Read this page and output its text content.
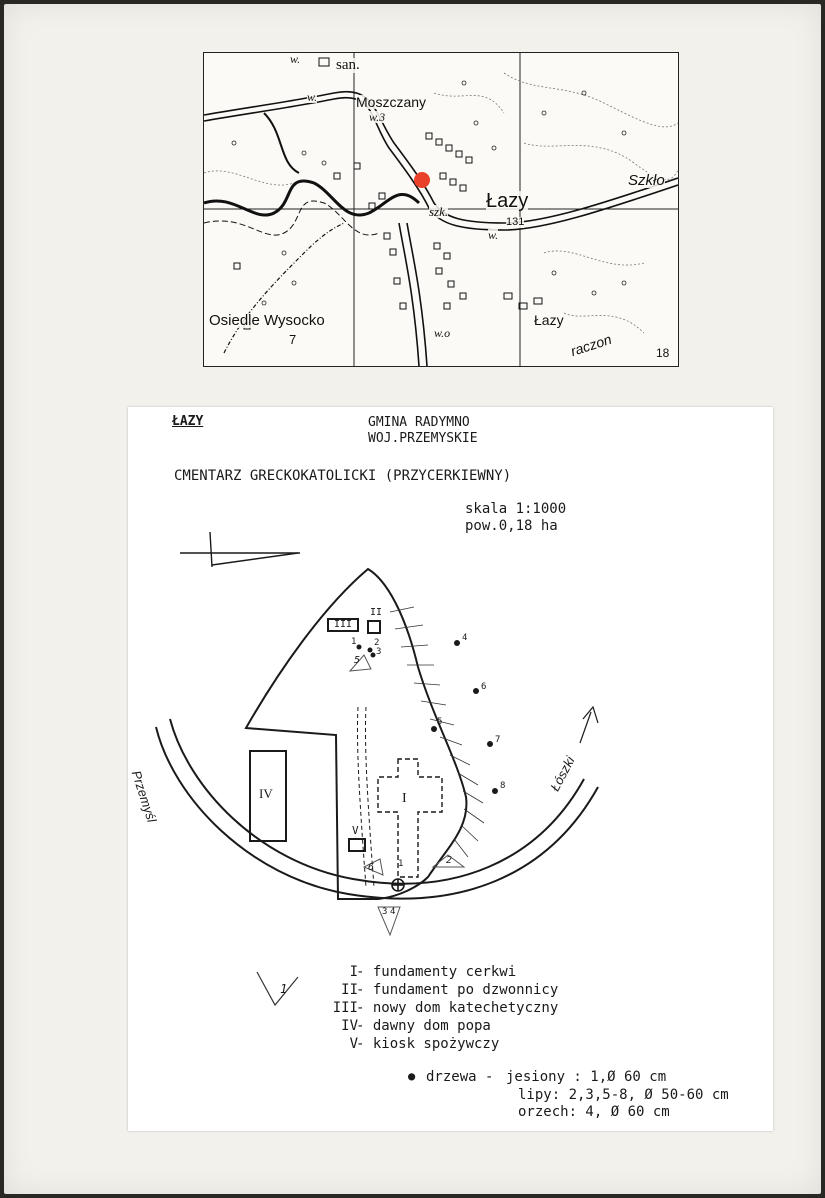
san.
w.
w.	Moszczany
w.3
Łazy
szk.
131
w.
Szkło
Osiedle Wysocko
7	w.o
Łazy
raczon	18
ŁAZY	GMINA RADYMNO
WOJ.PRZEMYSKIE
CMENTARZ GRECKOKATOLICKI (PRZYCERKIEWNY)
skala 1:1000
pow.0,18 ha
Przemyśl	Łószki
III
II
IV	I
V
5
6
2
3 4
1
1 2
3
4
5
6
7
8
1
I
- fundamenty cerkwi
II
- fundament po dzwonnicy
III
- nowy dom katechetyczny
IV
- dawny dom popa
V
- kiosk spożywczy
● drzewa - jesiony : 1,Ø 60 cm
lipy: 2,3,5-8, Ø 50-60 cm
orzech: 4, Ø 60 cm
